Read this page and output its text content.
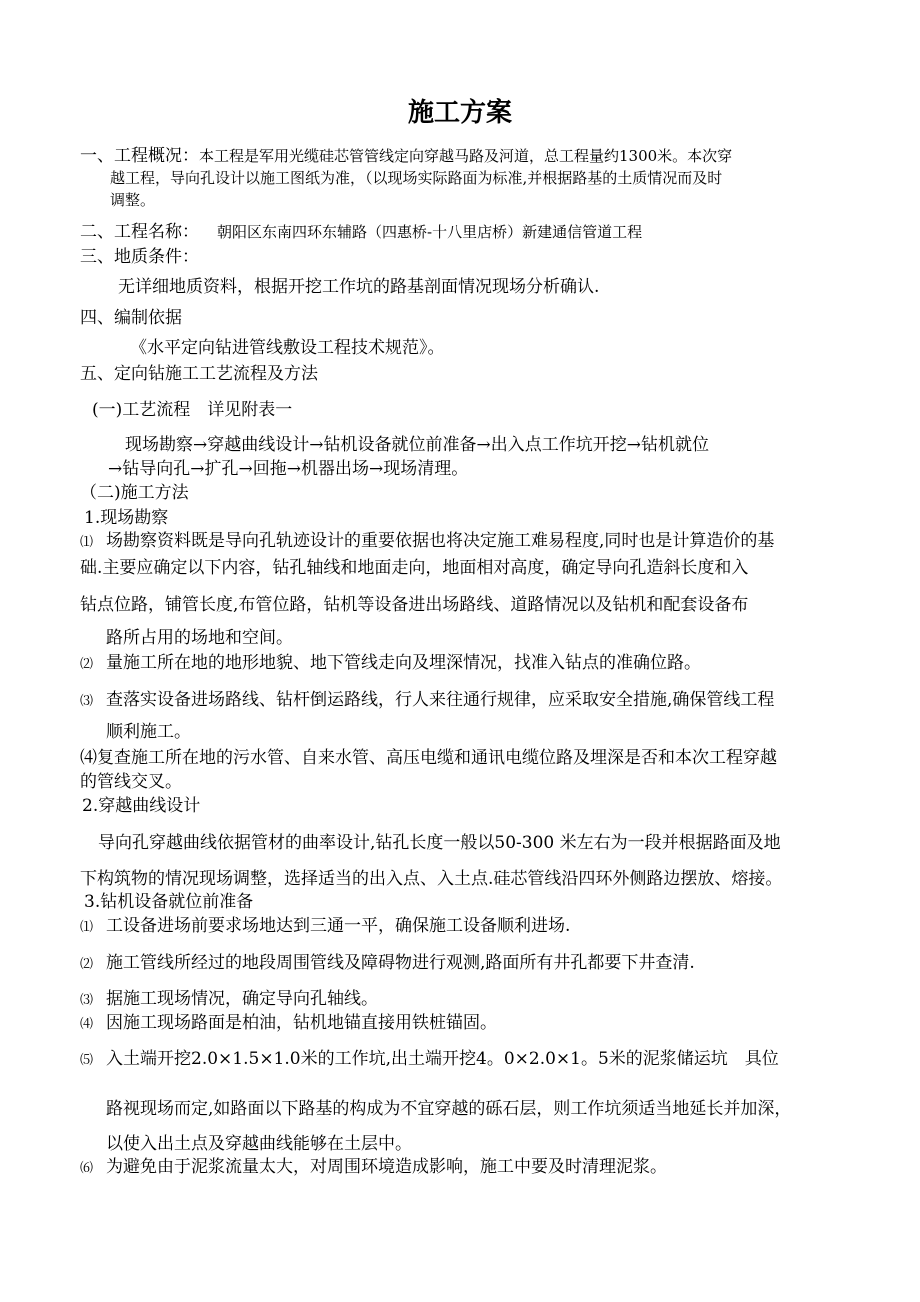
施工方案
一、工程概况：本工程是军用光缆硅芯管管线定向穿越马路及河道，总工程量约1300米。本次穿
越工程，导向孔设计以施工图纸为准，（以现场实际路面为标准,并根据路基的土质情况而及时
调整。
二、工程名称： 朝阳区东南四环东辅路（四惠桥-十八里店桥）新建通信管道工程
三、地质条件：
无详细地质资料，根据开挖工作坑的路基剖面情况现场分析确认.
四、编制依据
《水平定向钻进管线敷设工程技术规范》。
五、定向钻施工工艺流程及方法
(一)工艺流程　详见附表一
现场勘察→穿越曲线设计→钻机设备就位前准备→出入点工作坑开挖→钻机就位
→钻导向孔→扩孔→回拖→机器出场→现场清理。
（二)施工方法
1.现场勘察
⑴ 场勘察资料既是导向孔轨迹设计的重要依据也将决定施工难易程度,同时也是计算造价的基
础.主要应确定以下内容，钻孔轴线和地面走向，地面相对高度，确定导向孔造斜长度和入
钻点位路，铺管长度,布管位路，钻机等设备进出场路线、道路情况以及钻机和配套设备布
路所占用的场地和空间。
⑵ 量施工所在地的地形地貌、地下管线走向及埋深情况，找准入钻点的准确位路。
⑶ 查落实设备进场路线、钻杆倒运路线，行人来往通行规律，应采取安全措施,确保管线工程
顺利施工。
⑷复查施工所在地的污水管、自来水管、高压电缆和通讯电缆位路及埋深是否和本次工程穿越
的管线交叉。
2.穿越曲线设计
导向孔穿越曲线依据管材的曲率设计,钻孔长度一般以50-300 米左右为一段并根据路面及地
下构筑物的情况现场调整，选择适当的出入点、入土点.硅芯管线沿四环外侧路边摆放、熔接。
3.钻机设备就位前准备
⑴ 工设备进场前要求场地达到三通一平，确保施工设备顺利进场.
⑵ 施工管线所经过的地段周围管线及障碍物进行观测,路面所有井孔都要下井查清.
⑶ 据施工现场情况，确定导向孔轴线。
⑷ 因施工现场路面是柏油，钻机地锚直接用铁桩锚固。
⑸ 入土端开挖2.0×1.5×1.0米的工作坑,出土端开挖4。0×2.0×1。5米的泥浆储运坑　具位
路视现场而定,如路面以下路基的构成为不宜穿越的砾石层，则工作坑须适当地延长并加深，
以使入出土点及穿越曲线能够在土层中。
⑹ 为避免由于泥浆流量太大，对周围环境造成影响，施工中要及时清理泥浆。
